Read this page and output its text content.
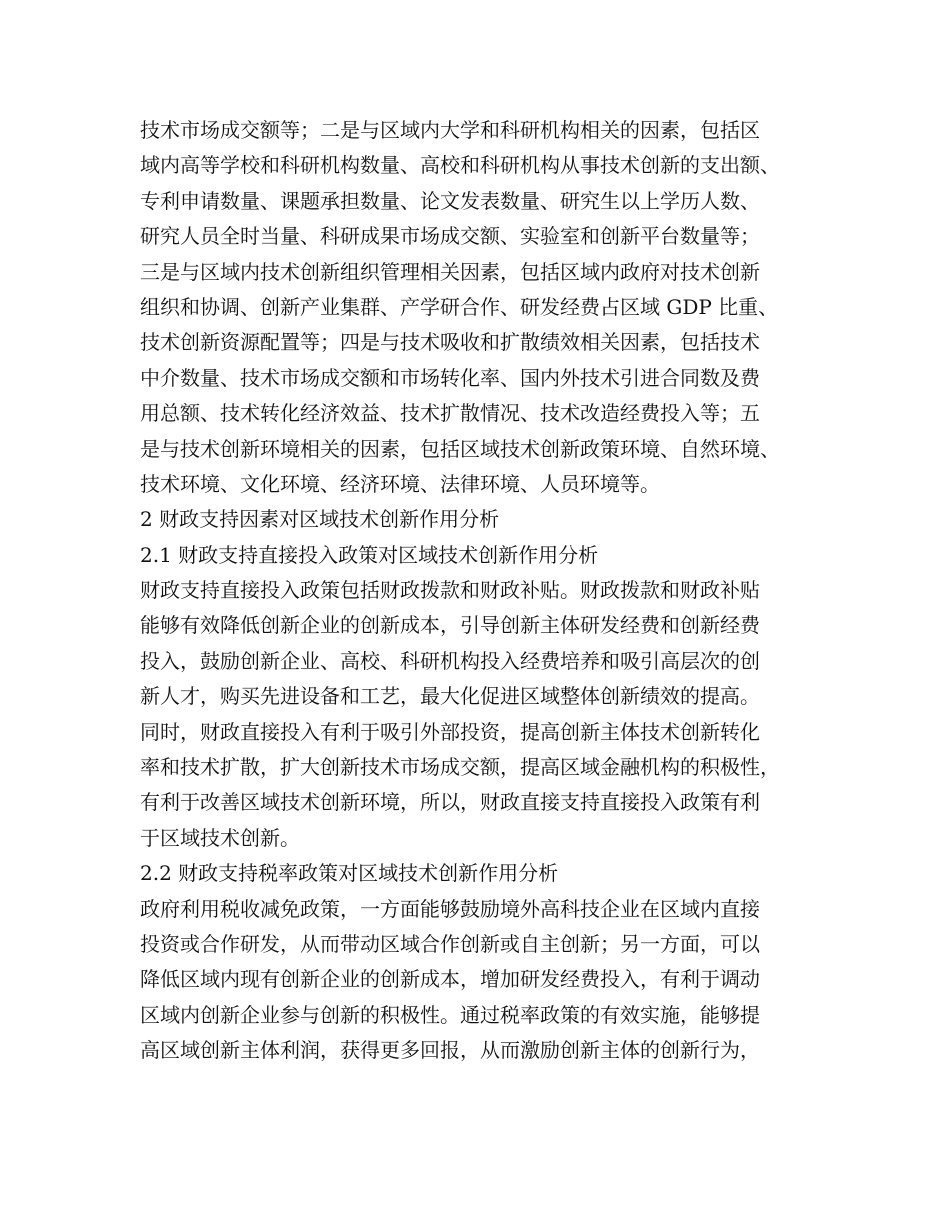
技术市场成交额等；二是与区域内大学和科研机构相关的因素，包括区
域内高等学校和科研机构数量、高校和科研机构从事技术创新的支出额、
专利申请数量、课题承担数量、论文发表数量、研究生以上学历人数、
研究人员全时当量、科研成果市场成交额、实验室和创新平台数量等；
三是与区域内技术创新组织管理相关因素，包括区域内政府对技术创新
组织和协调、创新产业集群、产学研合作、研发经费占区域 GDP 比重、
技术创新资源配置等；四是与技术吸收和扩散绩效相关因素，包括技术
中介数量、技术市场成交额和市场转化率、国内外技术引进合同数及费
用总额、技术转化经济效益、技术扩散情况、技术改造经费投入等；五
是与技术创新环境相关的因素，包括区域技术创新政策环境、自然环境、
技术环境、文化环境、经济环境、法律环境、人员环境等。
2 财政支持因素对区域技术创新作用分析
2.1 财政支持直接投入政策对区域技术创新作用分析
财政支持直接投入政策包括财政拨款和财政补贴。财政拨款和财政补贴
能够有效降低创新企业的创新成本，引导创新主体研发经费和创新经费
投入，鼓励创新企业、高校、科研机构投入经费培养和吸引高层次的创
新人才，购买先进设备和工艺，最大化促进区域整体创新绩效的提高。
同时，财政直接投入有利于吸引外部投资，提高创新主体技术创新转化
率和技术扩散，扩大创新技术市场成交额，提高区域金融机构的积极性，
有利于改善区域技术创新环境，所以，财政直接支持直接投入政策有利
于区域技术创新。
2.2 财政支持税率政策对区域技术创新作用分析
政府利用税收减免政策，一方面能够鼓励境外高科技企业在区域内直接
投资或合作研发，从而带动区域合作创新或自主创新；另一方面，可以
降低区域内现有创新企业的创新成本，增加研发经费投入，有利于调动
区域内创新企业参与创新的积极性。通过税率政策的有效实施，能够提
高区域创新主体利润，获得更多回报，从而激励创新主体的创新行为，
